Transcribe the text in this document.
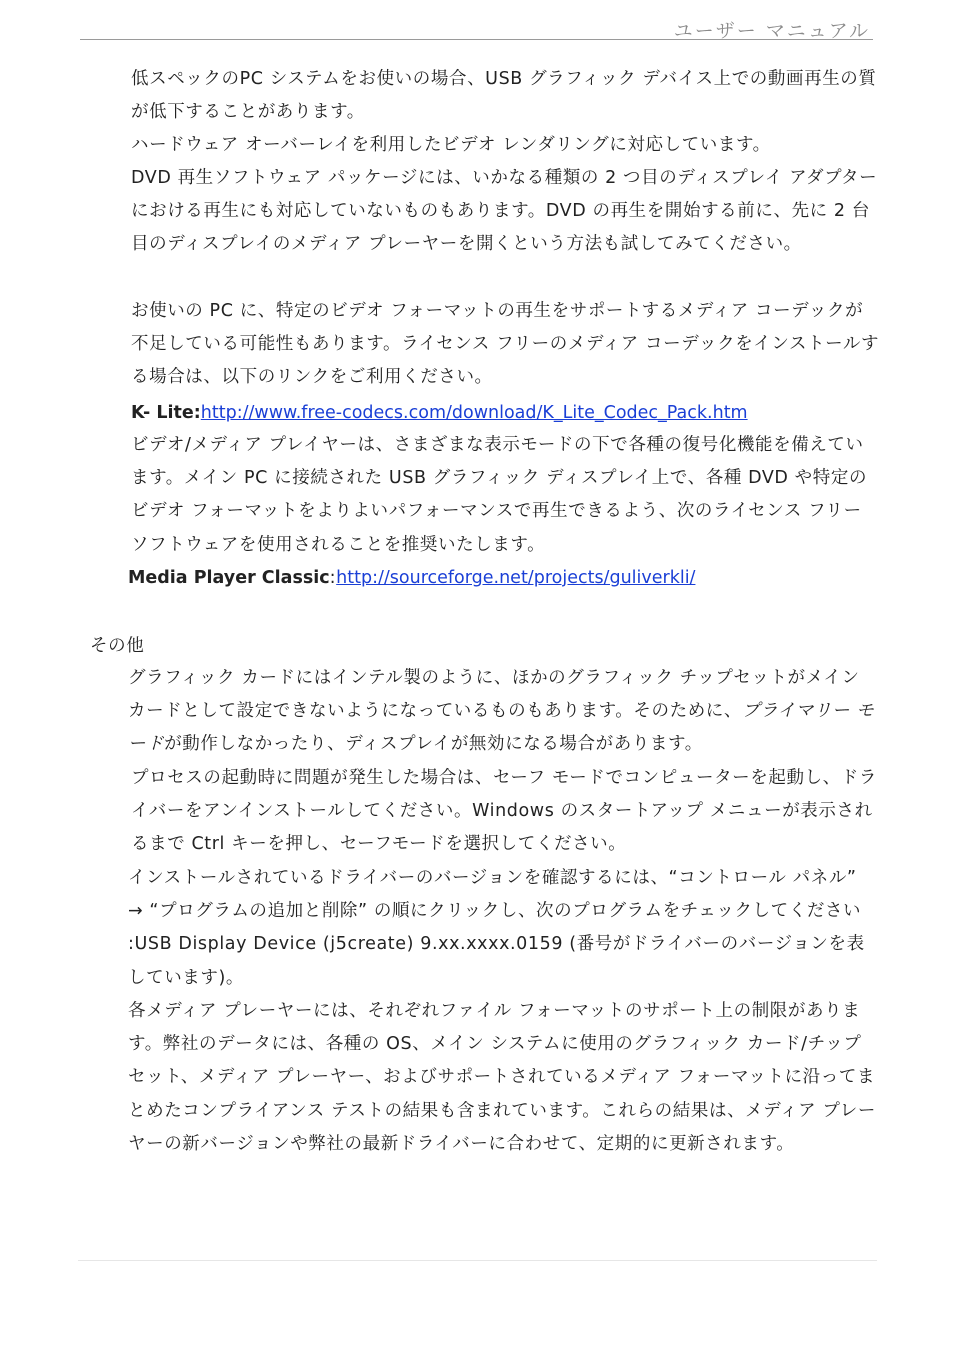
ユーザー マニュアル

低スペックのPC システムをお使いの場合、USB グラフィック デバイス上での動画再生の質が低下することがあります。

ハードウェア オーバーレイを利用したビデオ レンダリングに対応しています。

DVD 再生ソフトウェア パッケージには、いかなる種類の 2 つ目のディスプレイ アダプターにおける再生にも対応していないものもあります。DVD の再生を開始する前に、先に 2 台目のディスプレイのメディア プレーヤーを開くという方法も試してみてください。

お使いの PC に、特定のビデオ フォーマットの再生をサポートするメディア コーデックが不足している可能性もあります。ライセンス フリーのメディア コーデックをインストールする場合は、以下のリンクをご利用ください。

K- Lite:http://www.free-codecs.com/download/K_Lite_Codec_Pack.htm

ビデオ/メディア プレイヤーは、さまざまな表示モードの下で各種の復号化機能を備えています。メイン PC に接続された USB グラフィック ディスプレイ上で、各種 DVD や特定のビデオ フォーマットをよりよいパフォーマンスで再生できるよう、次のライセンス フリー ソフトウェアを使用されることを推奨いたします。

Media Player Classic:http://sourceforge.net/projects/guliverkli/

その他

グラフィック カードにはインテル製のように、ほかのグラフィック チップセットがメイン カードとして設定できないようになっているものもあります。そのために、プライマリー モードが動作しなかったり、ディスプレイが無効になる場合があります。

プロセスの起動時に問題が発生した場合は、セーフ モードでコンピューターを起動し、ドライバーをアンインストールしてください。Windows のスタートアップ メニューが表示されるまで Ctrl キーを押し、セーフモードを選択してください。

インストールされているドライバーのバージョンを確認するには、“コントロール パネル” → “プログラムの追加と削除” の順にクリックし、次のプログラムをチェックしてください :USB Display Device (j5create) 9.xx.xxxx.0159 (番号がドライバーのバージョンを表しています)。

各メディア プレーヤーには、それぞれファイル フォーマットのサポート上の制限があります。弊社のデータには、各種の OS、メイン システムに使用のグラフィック カード/チップセット、メディア プレーヤー、およびサポートされているメディア フォーマットに沿ってまとめたコンプライアンス テストの結果も含まれています。これらの結果は、メディア プレーヤーの新バージョンや弊社の最新ドライバーに合わせて、定期的に更新されます。
